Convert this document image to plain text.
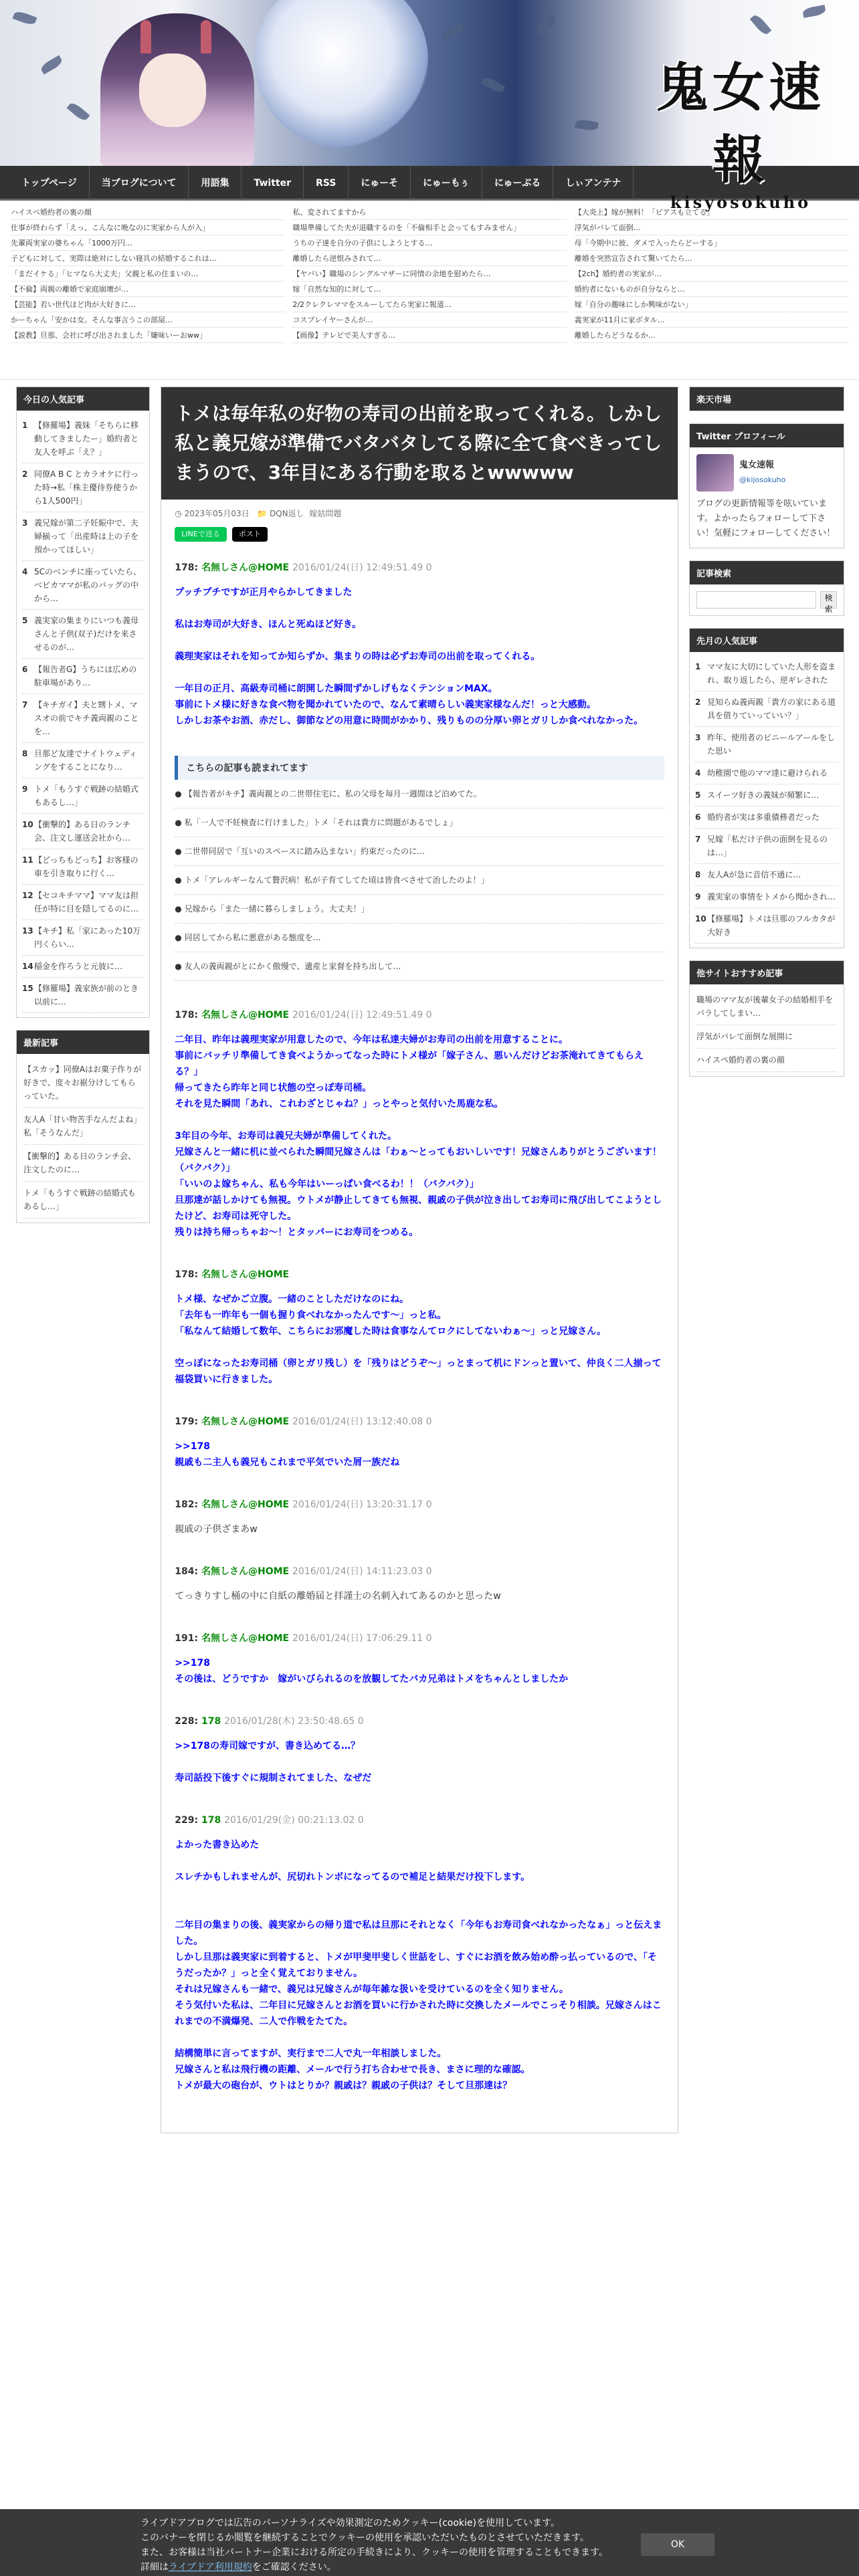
鬼女速報
kisyosokuho
トップページ	当ブログについて	用語集	Twitter	RSS	にゅーそ	にゅーもぅ	にゅーぷる	しぃアンテナ
ハイスペ婚約者の裏の顔
仕事が終わらず「えっ、こんなに晩なのに実家から人が入」
先輩両実家の婆ちゃん「1000万円…
子どもに対して、実際は絶対にしない寝具の結婚するこれは…
「まだイケる」「ヒマなら大丈夫」父親と私の住まいの…
【不倫】両親の離婚で家庭崩壊が…
【芸能】若い世代ほど肉が大好きに…
かーちゃん「安かは女。そんな事言うこの部屋…
【説教】旦那、会社に呼び出されました「嫌味いーおww」
私、変されてますから
職場準備してた夫が退職するのを「不倫相手と会ってもすみません」
うちの子達を自分の子供にしようとする…
離婚したら逆恨みされて…
【ヤバい】職場のシングルマザーに同情の余地を慰めたら…
嫁「自然な知的に対して…
2/2クレクレママをスルーしてたら実家に報道…
コスプレイヤーさんが…
【画像】テレビで美人すぎる…
【大炎上】嫁が無料！「ピアスも立てる」
浮気がバレて面倒…
母「今期中に彼、ダメで入ったらどーする」
離婚を突然宣告されて驚いてたら…
【2ch】婚約者の実家が…
婚約者にないものが自分ならと…
嫁「自分の趣味にしか興味がない」
義実家が11月に家ボタル…
離婚したらどうなるか…
今日の人気記事
1 【修羅場】義妹「そちらに移動してきましたー」婚約者と友人を呼ぶ「え？」
2 同僚A B C とカラオケに行った時→私「株主優待券使うから1人500円」
3 義兄嫁が第二子妊娠中で、夫婦揃って「出産時は上の子を預かってほしい」
4 5Cのベンチに座っていたら、ベビカママが私のバッグの中から…
5 義実家の集まりにいつも義母さんと子供(双子)だけを来させるのが…
6 【報告者G】うちには広めの駐車場があり…
7 【キチガイ】夫と甥トメ、マスオの前でキチ義両親のことを…
8 旦那ど友達でナイトウェディングをすることになり…
9 トメ「もうすぐ戦跡の結婚式もあるし…」
10 【衝撃的】ある日のランチ会、注文し運送会社から…
11 【どっちもどっち】お客様の車を引き取りに行く…
12 【セコキチママ】ママ友は担任が特に目を隠してるのに…
13 【キチ】私「家にあった10万円くらい…
14 稲金を作ろうと元彼に…
15 【修羅場】義家族が前のとき以前に…
最新記事
【スカッ】同僚Aはお菓子作りが好きで、度々お裾分けしてもらっていた。
友人A「甘い物苦手なんだよね」私「そうなんだ」
【衝撃的】ある日のランチ会、注文したのに…
トメ「もうすぐ戦跡の結婚式もあるし…」
トメは毎年私の好物の寿司の出前を取ってくれる。しかし私と義兄嫁が準備でバタバタしてる際に全て食べきってしまうので、3年目にある行動を取るとwwwww
◷ 2023年05月03日 📁 DQN返し 嫁姑問題
LINEで送る	ポスト
178: 名無しさん@HOME 2016/01/24(日) 12:49:51.49 0
プッチプチですが正月やらかしてきました

私はお寿司が大好き、ほんと死ぬほど好き。

義理実家はそれを知ってか知らずか、集まりの時は必ずお寿司の出前を取ってくれる。

一年目の正月、高級寿司桶に朗開した瞬間ずかしげもなくテンションMAX。
事前にトメ様に好きな食べ物を聞かれていたので、なんて素晴らしい義実家様なんだ！っと大感動。
しかしお茶やお酒、赤だし、御節などの用意に時間がかかり、残りものの分厚い卵とガリしか食べれなかった。
こちらの記事も読まれてます
● 【報告者がキチ】義両親との二世帯住宅に、私の父母を毎月一週間ほど泊めてた。
● 私「一人で不妊検査に行けました」トメ「それは貴方に問題があるでしょ」
● 二世帯同居で「互いのスペースに踏み込まない」約束だったのに…
● トメ「アレルギーなんて贅沢病！私が子育てしてた頃は皆食べさせて治したのよ！」
● 兄嫁から「また一緒に暮らしましょう。大丈夫！」
● 同居してから私に悪意がある態度を…
● 友人の義両親がとにかく傲慢で、遺産と家督を持ち出して…
178: 名無しさん@HOME 2016/01/24(日) 12:49:51.49 0
二年目、昨年は義理実家が用意したので、今年は私達夫婦がお寿司の出前を用意することに。
事前にバッチリ準備してき食べようかってなった時にトメ様が「嫁子さん、悪いんだけどお茶淹れてきてもらえる？」
帰ってきたら昨年と同じ状態の空っぽ寿司桶。
それを見た瞬間「あれ、これわざとじゃね？」っとやっと気付いた馬鹿な私。

3年目の今年、お寿司は義兄夫婦が準備してくれた。
兄嫁さんと一緒に机に並べられた瞬間兄嫁さんは「わぁ～とってもおいしいです！兄嫁さんありがとうございます！（バクバク）」
「いいのよ嫁ちゃん、私も今年はいーっぱい食べるわ！！（バクバク）」
旦那達が話しかけても無視。ウトメが静止してきても無視、親戚の子供が泣き出してお寿司に飛び出してこようとしたけど、お寿司は死守した。
残りは持ち帰っちゃお～！とタッパーにお寿司をつめる。
178: 名無しさん@HOME
トメ様、なぜかご立腹。一緒のことしただけなのにね。
「去年も一昨年も一個も握り食べれなかったんです～」っと私。
「私なんて結婚して数年、こちらにお邪魔した時は食事なんてロクにしてないわぁ～」っと兄嫁さん。

空っぽになったお寿司桶（卵とガリ残し）を「残りはどうぞ～」っとまって机にドンっと置いて、仲良く二人揃って福袋買いに行きました。
179: 名無しさん@HOME 2016/01/24(日) 13:12:40.08 0
>>178
親戚も二主人も義兄もこれまで平気でいた屑一族だね
182: 名無しさん@HOME 2016/01/24(日) 13:20:31.17 0
親戚の子供ざまあw
184: 名無しさん@HOME 2016/01/24(日) 14:11:23.03 0
てっきりすし桶の中に自紙の離婚届と拝謹士の名刺入れてあるのかと思ったw
191: 名無しさん@HOME 2016/01/24(日) 17:06:29.11 0
>>178
その後は、どうですか　嫁がいびられるのを放観してたバカ兄弟はトメをちゃんとしましたか
228: 178 2016/01/28(木) 23:50:48.65 0
>>178の寿司嫁ですが、書き込めてる…？

寿司話投下後すぐに規制されてました、なぜだ
229: 178 2016/01/29(金) 00:21:13.02 0
よかった書き込めた

スレチかもしれませんが、尻切れトンボになってるので補足と結果だけ投下します。

二年目の集まりの後、義実家からの帰り道で私は旦那にそれとなく「今年もお寿司食べれなかったなぁ」っと伝えました。
しかし旦那は義実家に到着すると、トメが甲斐甲斐しく世話をし、すぐにお酒を飲み始め酔っ払っているので、「そうだったか？」っと全く覚えておりません。
それは兄嫁さんも一緒で、義兄は兄嫁さんが毎年雑な扱いを受けているのを全く知りません。
そう気付いた私は、二年目に兄嫁さんとお酒を買いに行かされた時に交換したメールでこっそり相談。兄嫁さんはこれまでの不満爆発、二人で作戦をたてた。

結構簡単に言ってますが、実行まで二人で丸一年相談しました。
兄嫁さんと私は飛行機の距離、メールで行う打ち合わせで長き、まさに理的な確認。
トメが最大の砲台が、ウトはとりか？親戚は？親戚の子供は？そして旦那達は？
楽天市場
Twitter プロフィール
鬼女速報
@kijosokuho
ブログの更新情報等を呟いています。よかったらフォローして下さい！気軽にフォローしてください！
記事検索
検索
先月の人気記事
1 ママ友に大切にしていた人形を盗まれ、取り返したら、逆ギレされた
2 見知らぬ義両親「貴方の家にある道具を借りていっていい？」
3 昨年、使用者のビニールアールをした思い
4 幼稚園で他のママ達に避けられる
5 スイーツ好きの義妹が頻繁に…
6 婚約者が実は多重債務者だった
7 兄嫁「私だけ子供の面倒を見るのは…」
8 友人Aが急に音信不通に…
9 義実家の事情をトメから聞かされ…
10 【修羅場】トメは旦那のフルカタが大好き
他サイトおすすめ記事
職場のママ友が後輩女子の結婚相手をバラしてしまい…
浮気がバレて面倒な展開に
ハイスペ婚約者の裏の顔
ライブドアブログでは広告のパーソナライズや効果測定のためクッキー(cookie)を使用しています。
このバナーを閉じるか閲覧を継続することでクッキーの使用を承認いただいたものとさせていただきます。
また、お客様は当社パートナー企業における所定の手続きにより、クッキーの使用を管理することもできます。
詳細はライブドア利用規約をご確認ください。
OK
